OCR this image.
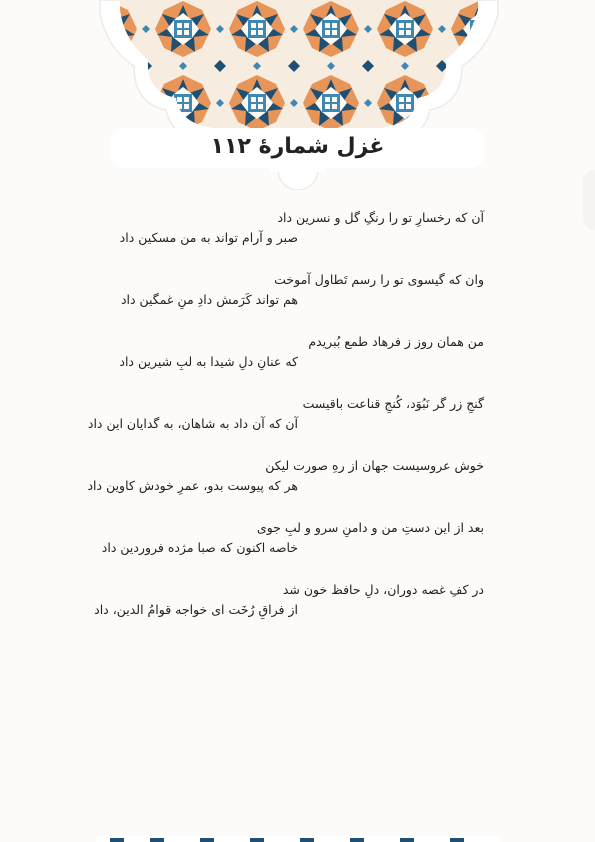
غزل شمارهٔ ۱۱۲
آن که رخسارِ تو را رنگِ گل و نسرین داد
صبر و آرام تواند به من مسکین داد
وان که گیسوی تو را رسم تَطاول آموخت
هم تواند کَرَمش دادِ منِ غمگین داد
من همان روز ز فرهاد طمع بُبریدم
که عنانِ دلِ شیدا به لبِ شیرین داد
گنجِ زر گر نَبُوَد، کُنجِ قناعت باقیست
آن که آن داد به شاهان، به گدایان این داد
خوش عروسیست جهان از رهِ صورت لیکن
هر که پیوست بدو، عمرِ خودش کاوین داد
بعد از این دستِ من و دامنِ سرو و لبِ جوی
خاصه اکنون که صبا مژده فروردین داد
در کفِ غصه دوران، دلِ حافظ خون شد
از فراقِ رُخَت ای خواجه قوامُ الدین، داد
